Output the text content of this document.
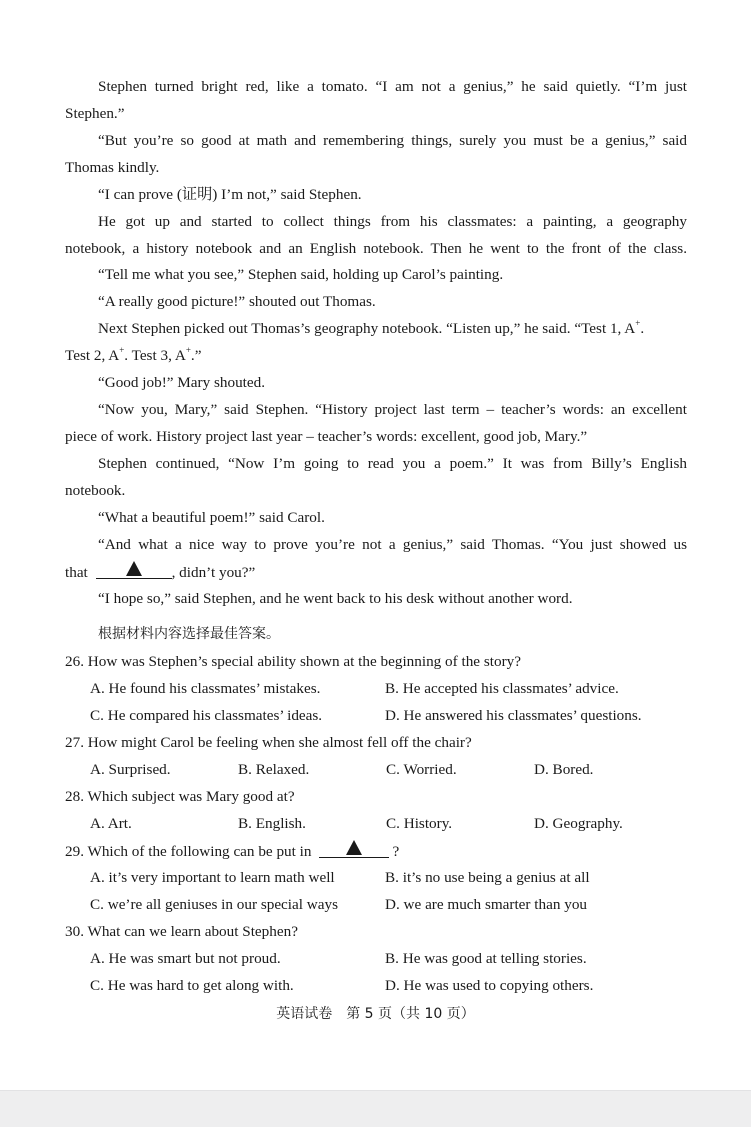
Stephen turned bright red, like a tomato. “I am not a genius,” he said quietly. “I’m just
Stephen.”
“But you’re so good at math and remembering things, surely you must be a genius,” said
Thomas kindly.
“I can prove (证明) I’m not,” said Stephen.
He got up and started to collect things from his classmates: a painting, a geography
notebook, a history notebook and an English notebook. Then he went to the front of the class.
“Tell me what you see,” Stephen said, holding up Carol’s painting.
“A really good picture!” shouted out Thomas.
Next Stephen picked out Thomas’s geography notebook. “Listen up,” he said. “Test 1, A+.
Test 2, A+. Test 3, A+.”
“Good job!” Mary shouted.
“Now you, Mary,” said Stephen. “History project last term – teacher’s words: an excellent
piece of work. History project last year – teacher’s words: excellent, good job, Mary.”
Stephen continued, “Now I’m going to read you a poem.” It was from Billy’s English
notebook.
“What a beautiful poem!” said Carol.
“And what a nice way to prove you’re not a genius,” said Thomas. “You just showed us
that	, didn’t you?”
“I hope so,” said Stephen, and he went back to his desk without another word.
根据材料内容选择最佳答案。
26. How was Stephen’s special ability shown at the beginning of the story?
A. He found his classmates’ mistakes.	B. He accepted his classmates’ advice.
C. He compared his classmates’ ideas.	D. He answered his classmates’ questions.
27. How might Carol be feeling when she almost fell off the chair?
A. Surprised.	B. Relaxed.	C. Worried.	D. Bored.
28. Which subject was Mary good at?
A. Art.	B. English.	C. History.	D. Geography.
29. Which of the following can be put in	?
A. it’s very important to learn math well	B. it’s no use being a genius at all
C. we’re all geniuses in our special ways	D. we are much smarter than you
30. What can we learn about Stephen?
A. He was smart but not proud.	B. He was good at telling stories.
C. He was hard to get along with.	D. He was used to copying others.
英语试卷　第 5 页（共 10 页）
